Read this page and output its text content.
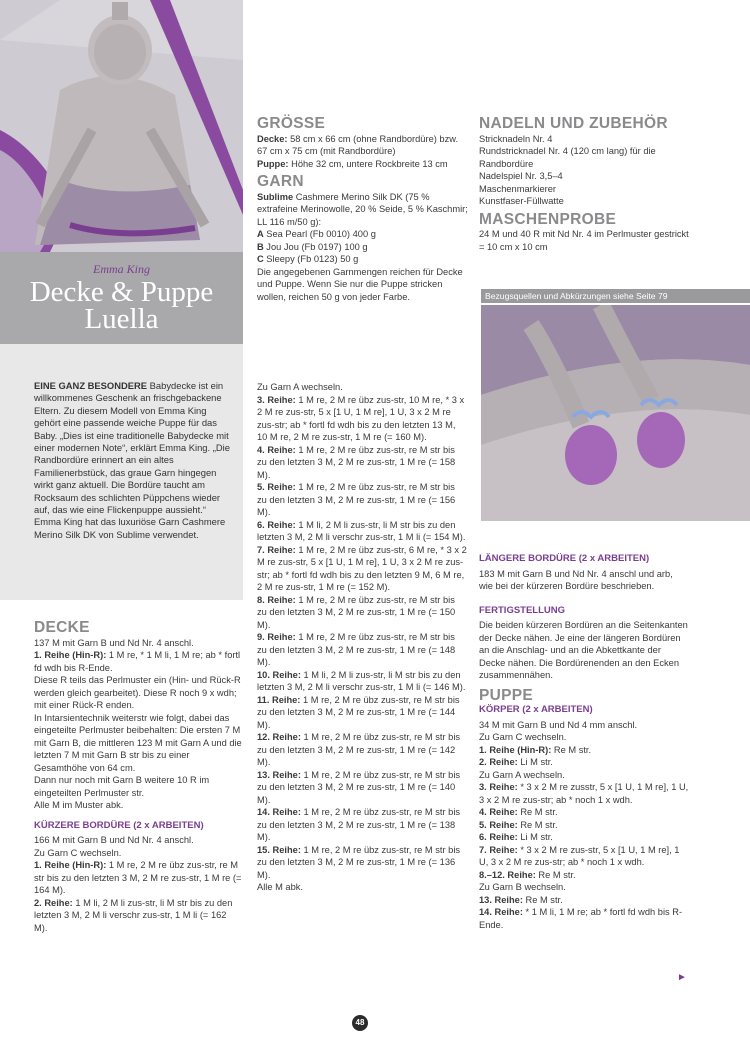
Emma King
Decke & Puppe
Luella
EINE GANZ BESONDERE Babydecke ist ein willkommenes Geschenk an frischgebackene Eltern. Zu diesem Modell von Emma King gehört eine passende weiche Puppe für das Baby. „Dies ist eine traditionelle Babydecke mit einer modernen Note“, erklärt Emma King. „Die Randbordüre erinnert an ein altes Familienerbstück, das graue Garn hingegen wirkt ganz aktuell. Die Bordüre taucht am Rocksaum des schlichten Püppchens wieder auf, das wie eine Flickenpuppe aussieht.“ Emma King hat das luxuriöse Garn Cashmere Merino Silk DK von Sublime verwendet.
GRÖSSE

Decke: 58 cm x 66 cm (ohne Randbordüre) bzw. 67 cm x 75 cm (mit Randbordüre)

Puppe: Höhe 32 cm, untere Rockbreite 13 cm

GARN

Sublime Cashmere Merino Silk DK (75 % extrafeine Merinowolle, 20 % Seide, 5 % Kaschmir; LL 116 m/50 g):

A Sea Pearl (Fb 0010) 400 g

B Jou Jou (Fb 0197) 100 g

C Sleepy (Fb 0123) 50 g

Die angegebenen Garnmengen reichen für Decke und Puppe. Wenn Sie nur die Puppe stricken wollen, reichen 50 g von jeder Farbe.

NADELN UND ZUBEHÖR

Stricknadeln Nr. 4

Rundstricknadel Nr. 4 (120 cm lang) für die Randbordüre

Nadelspiel Nr. 3,5–4

Maschenmarkierer

Kunstfaser-Füllwatte

MASCHENPROBE

24 M und 40 R mit Nd Nr. 4 im Perlmuster gestrickt = 10 cm x 10 cm

Bezugsquellen und Abkürzungen siehe Seite 79
DECKE

137 M mit Garn B und Nd Nr. 4 anschl.

1. Reihe (Hin-R): 1 M re, * 1 M li, 1 M re; ab * fortl fd wdh bis R-Ende.

Diese R teils das Perlmuster ein (Hin- und Rück-R werden gleich gearbeitet). Diese R noch 9 x wdh; mit einer Rück-R enden.

In Intarsientechnik weiterstr wie folgt, dabei das eingeteilte Perlmuster beibehalten: Die ersten 7 M mit Garn B, die mittleren 123 M mit Garn A und die letzten 7 M mit Garn B str bis zu einer Gesamthöhe von 64 cm.

Dann nur noch mit Garn B weitere 10 R im eingeteilten Perlmuster str.

Alle M im Muster abk.

KÜRZERE BORDÜRE (2 x ARBEITEN)

166 M mit Garn B und Nd Nr. 4 anschl.

Zu Garn C wechseln.

1. Reihe (Hin-R): 1 M re, 2 M re übz zus-str, re M str bis zu den letzten 3 M, 2 M re zus-str, 1 M re (= 164 M).

2. Reihe: 1 M li, 2 M li zus-str, li M str bis zu den letzten 3 M, 2 M li verschr zus-str, 1 M li (= 162 M).

Zu Garn A wechseln.

3. Reihe: 1 M re, 2 M re übz zus-str, 10 M re, * 3 x 2 M re zus-str, 5 x [1 U, 1 M re], 1 U, 3 x 2 M re zus-str; ab * fortl fd wdh bis zu den letzten 13 M, 10 M re, 2 M re zus-str, 1 M re (= 160 M).

4. Reihe: 1 M re, 2 M re übz zus-str, re M str bis zu den letzten 3 M, 2 M re zus-str, 1 M re (= 158 M).

5. Reihe: 1 M re, 2 M re übz zus-str, re M str bis zu den letzten 3 M, 2 M re zus-str, 1 M re (= 156 M).

6. Reihe: 1 M li, 2 M li zus-str, li M str bis zu den letzten 3 M, 2 M li verschr zus-str, 1 M li (= 154 M).

7. Reihe: 1 M re, 2 M re übz zus-str, 6 M re, * 3 x 2 M re zus-str, 5 x [1 U, 1 M re], 1 U, 3 x 2 M re zus-str; ab * fortl fd wdh bis zu den letzten 9 M, 6 M re, 2 M re zus-str, 1 M re (= 152 M).

8. Reihe: 1 M re, 2 M re übz zus-str, re M str bis zu den letzten 3 M, 2 M re zus-str, 1 M re (= 150 M).

9. Reihe: 1 M re, 2 M re übz zus-str, re M str bis zu den letzten 3 M, 2 M re zus-str, 1 M re (= 148 M).

10. Reihe: 1 M li, 2 M li zus-str, li M str bis zu den letzten 3 M, 2 M li verschr zus-str, 1 M li (= 146 M).

11. Reihe: 1 M re, 2 M re übz zus-str, re M str bis zu den letzten 3 M, 2 M re zus-str, 1 M re (= 144 M).

12. Reihe: 1 M re, 2 M re übz zus-str, re M str bis zu den letzten 3 M, 2 M re zus-str, 1 M re (= 142 M).

13. Reihe: 1 M re, 2 M re übz zus-str, re M str bis zu den letzten 3 M, 2 M re zus-str, 1 M re (= 140 M).

14. Reihe: 1 M re, 2 M re übz zus-str, re M str bis zu den letzten 3 M, 2 M re zus-str, 1 M re (= 138 M).

15. Reihe: 1 M re, 2 M re übz zus-str, re M str bis zu den letzten 3 M, 2 M re zus-str, 1 M re (= 136 M).

Alle M abk.

LÄNGERE BORDÜRE (2 x ARBEITEN)

183 M mit Garn B und Nd Nr. 4 anschl und arb, wie bei der kürzeren Bordüre beschrieben.

FERTIGSTELLUNG

Die beiden kürzeren Bordüren an die Seitenkanten der Decke nähen. Je eine der längeren Bordüren an die Anschlag- und an die Abkettkante der Decke nähen. Die Bordürenenden an den Ecken zusammennähen.

PUPPE
KÖRPER (2 x ARBEITEN)

34 M mit Garn B und Nd 4 mm anschl.

Zu Garn C wechseln.

1. Reihe (Hin-R): Re M str.

2. Reihe: Li M str.

Zu Garn A wechseln.

3. Reihe: * 3 x 2 M re zusstr, 5 x [1 U, 1 M re], 1 U, 3 x 2 M re zus-str; ab * noch 1 x wdh.

4. Reihe: Re M str.

5. Reihe: Re M str.

6. Reihe: Li M str.

7. Reihe: * 3 x 2 M re zus-str, 5 x [1 U, 1 M re], 1 U, 3 x 2 M re zus-str; ab * noch 1 x wdh.

8.–12. Reihe: Re M str.

Zu Garn B wechseln.

13. Reihe: Re M str.

14. Reihe: * 1 M li, 1 M re; ab * fortl fd wdh bis R-Ende.

►
48
